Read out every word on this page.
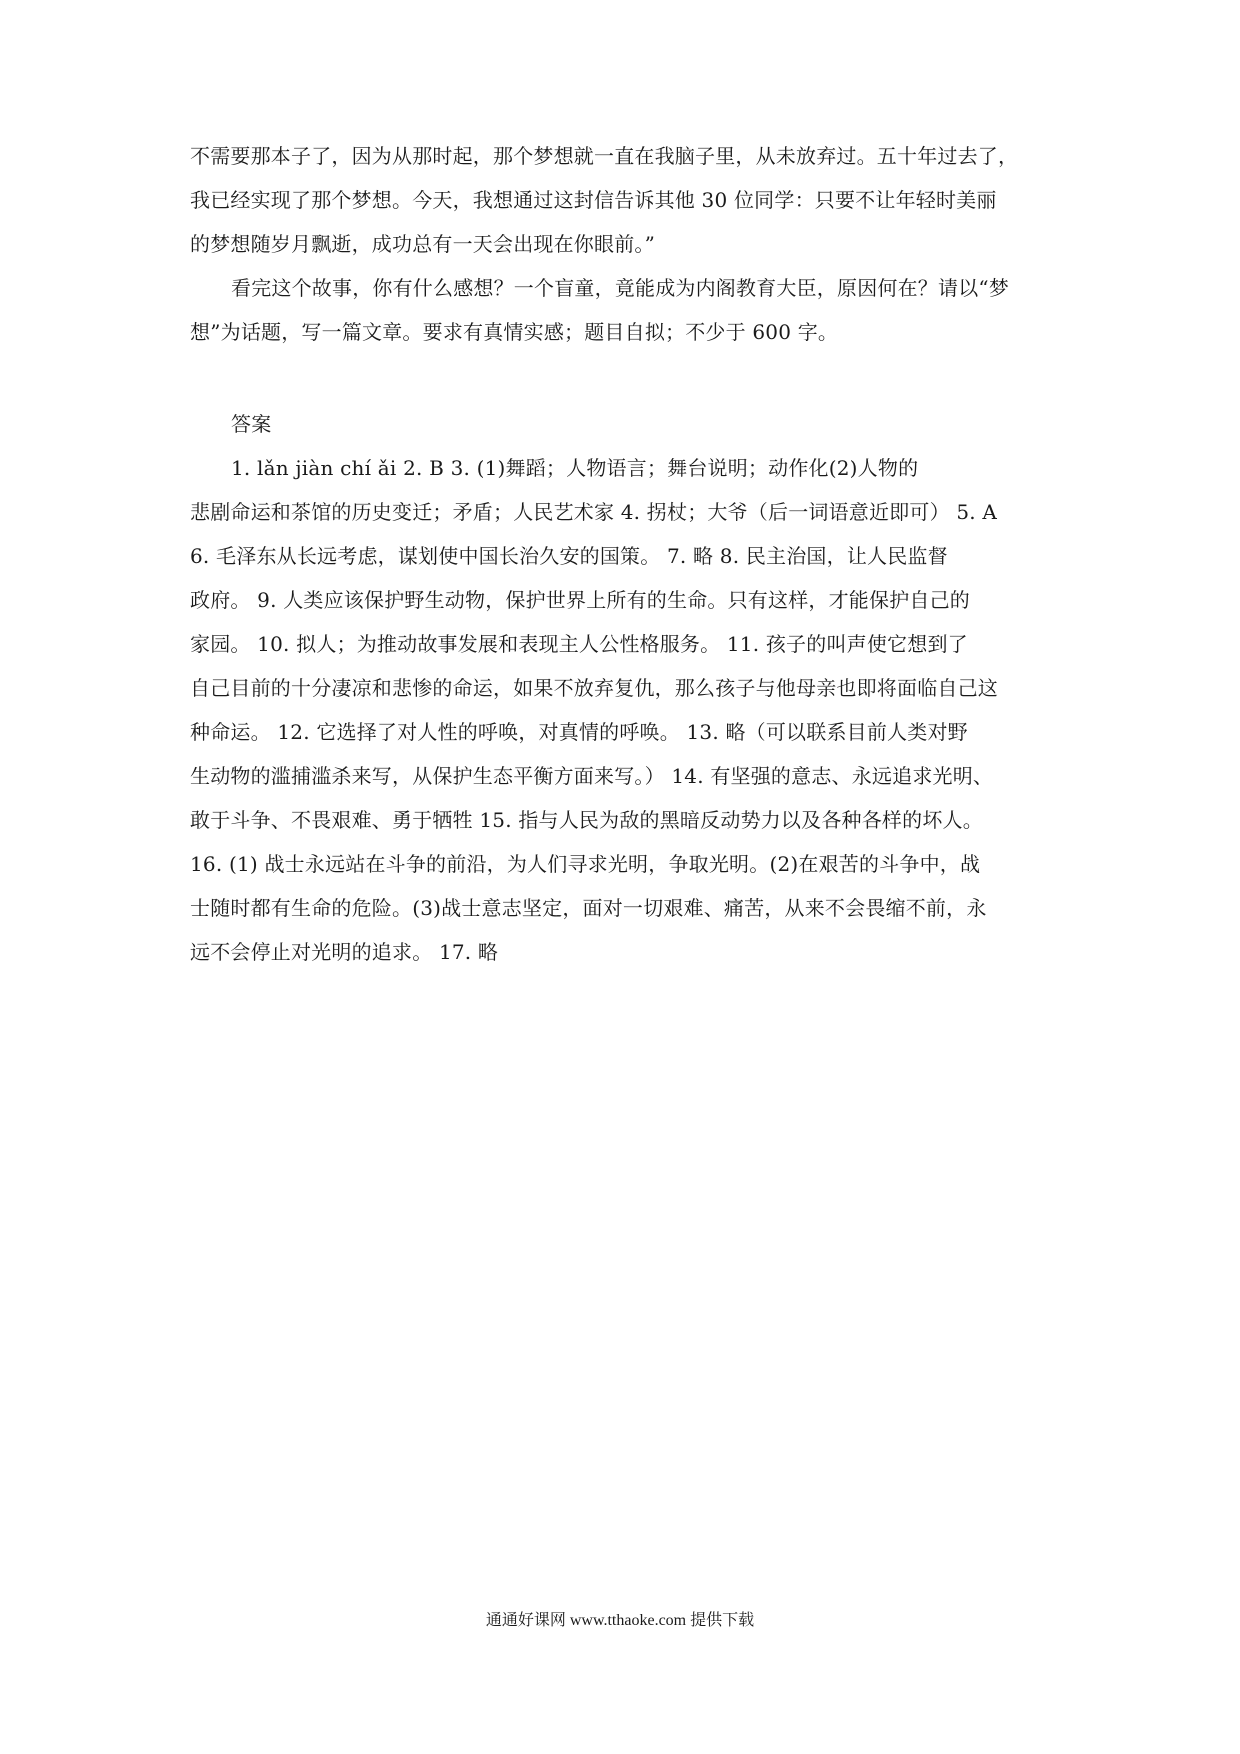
不需要那本子了，因为从那时起，那个梦想就一直在我脑子里，从未放弃过。五十年过去了，
我已经实现了那个梦想。今天，我想通过这封信告诉其他 30 位同学：只要不让年轻时美丽
的梦想随岁月飘逝，成功总有一天会出现在你眼前。”
看完这个故事，你有什么感想？一个盲童，竟能成为内阁教育大臣，原因何在？请以“梦
想”为话题，写一篇文章。要求有真情实感；题目自拟；不少于 600 字。
答案
1. lǎn jiàn chí ǎi 2. B 3. (1)舞蹈；人物语言；舞台说明；动作化(2)人物的
悲剧命运和茶馆的历史变迁；矛盾；人民艺术家 4. 拐杖；大爷（后一词语意近即可） 5. A
6. 毛泽东从长远考虑，谋划使中国长治久安的国策。 7. 略 8. 民主治国，让人民监督
政府。 9. 人类应该保护野生动物，保护世界上所有的生命。只有这样，才能保护自己的
家园。 10. 拟人；为推动故事发展和表现主人公性格服务。 11. 孩子的叫声使它想到了
自己目前的十分凄凉和悲惨的命运，如果不放弃复仇，那么孩子与他母亲也即将面临自己这
种命运。 12. 它选择了对人性的呼唤，对真情的呼唤。 13. 略（可以联系目前人类对野
生动物的滥捕滥杀来写，从保护生态平衡方面来写。） 14. 有坚强的意志、永远追求光明、
敢于斗争、不畏艰难、勇于牺牲 15. 指与人民为敌的黑暗反动势力以及各种各样的坏人。
16. (1) 战士永远站在斗争的前沿，为人们寻求光明，争取光明。(2)在艰苦的斗争中，战
士随时都有生命的危险。(3)战士意志坚定，面对一切艰难、痛苦，从来不会畏缩不前，永
远不会停止对光明的追求。 17. 略
通通好课网 www.tthaoke.com 提供下载
